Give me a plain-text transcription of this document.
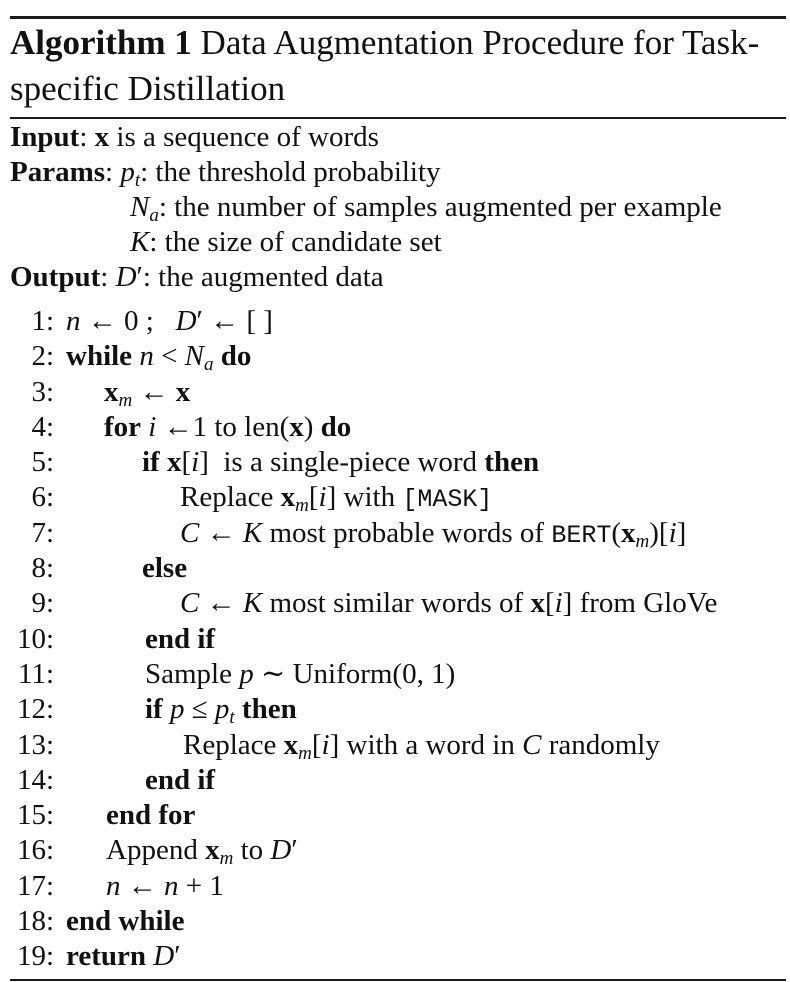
Algorithm 1 Data Augmentation Procedure for Task-specific Distillation
Input: x is a sequence of words
Params: $p_t$: the threshold probability
$N_a$: the number of samples augmented per example
K: the size of candidate set
Output: D′: the augmented data
1: n ← 0 ;   D′ ← [ ]
2: while $n < N_a$ do
3: $x_m$ ← x
4: for i ←1 to len(x) do
5:	if x[i]  is a single-piece word then
6:	Replace $x_m[i]$ with [MASK]
7:	C ← K most probable words of $BERT(x_m)[i]$
8:	else
9:	C ← K most similar words of x[i] from GloVe
10:	end if
11:	Sample p ∼ Uniform(0, 1)
12:	if $p \le p_t$ then
13:	Replace $x_m[i]$ with a word in C randomly
14:	end if
15: end for
16: Append $x_m$ to D′
17: n ← n + 1
18: end while
19: return D′
